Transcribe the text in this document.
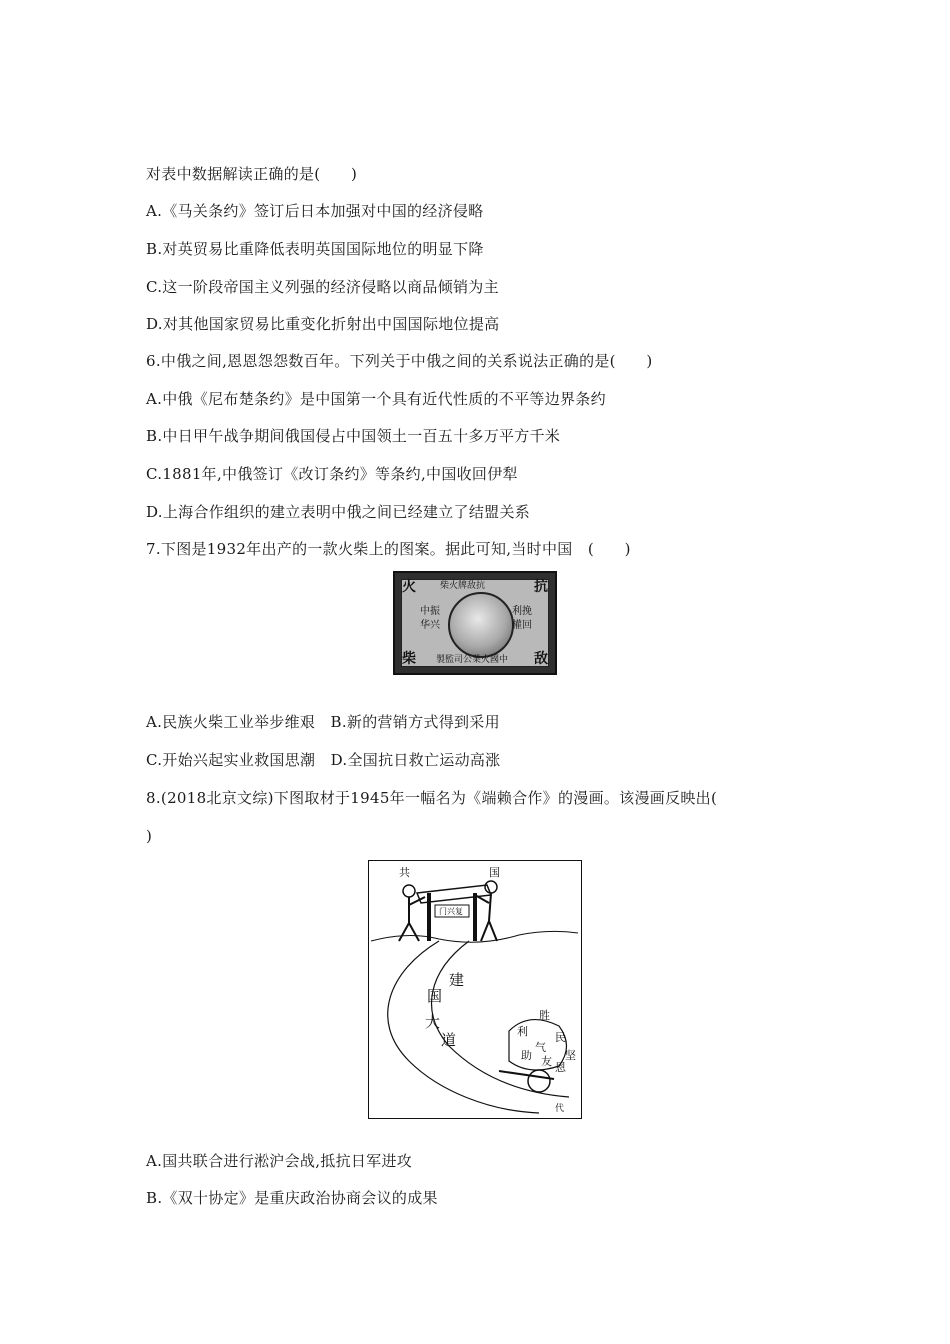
对表中数据解读正确的是(　　)
A.《马关条约》签订后日本加强对中国的经济侵略
B.对英贸易比重降低表明英国国际地位的明显下降
C.这一阶段帝国主义列强的经济侵略以商品倾销为主
D.对其他国家贸易比重变化折射出中国国际地位提高
6.中俄之间,恩恩怨怨数百年。下列关于中俄之间的关系说法正确的是(　　)
A.中俄《尼布楚条约》是中国第一个具有近代性质的不平等边界条约
B.中日甲午战争期间俄国侵占中国领土一百五十多万平方千米
C.1881年,中俄签订《改订条约》等条约,中国收回伊犁
D.上海合作组织的建立表明中俄之间已经建立了结盟关系
7.下图是1932年出产的一款火柴上的图案。据此可知,当时中国　(　　)
火	抗
柴	敌
柴火牌敌抗
中振
华兴
利挽
權回
製監司公業火國中
A.民族火柴工业举步维艰　B.新的营销方式得到采用
C.开始兴起实业救国思潮　D.全国抗日救亡运动高涨
8.(2018北京文综)下图取材于1945年一幅名为《端赖合作》的漫画。该漫画反映出(
)
共	国
门兴复
建
国
大
道
胜
利 民
气
助 友 恩
坚
代
A.国共联合进行淞沪会战,抵抗日军进攻
B.《双十协定》是重庆政治协商会议的成果
